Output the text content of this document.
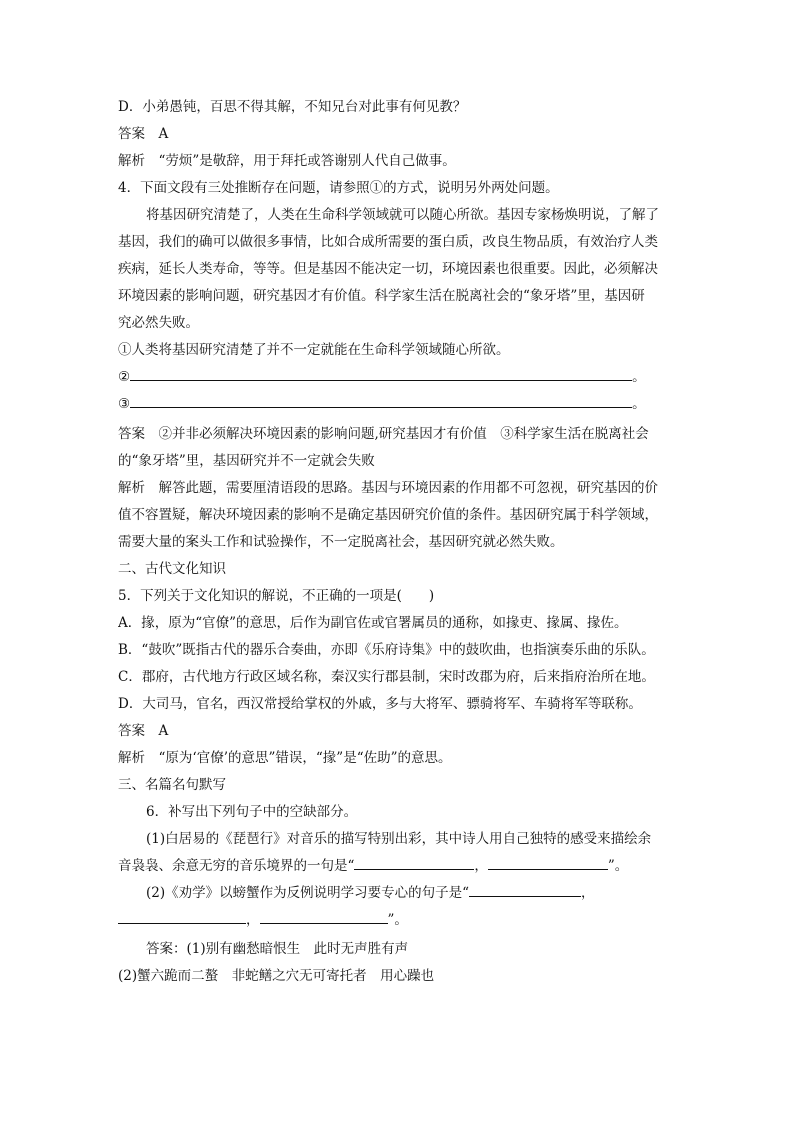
D．小弟愚钝，百思不得其解，不知兄台对此事有何见教？
答案　A
解析　“劳烦”是敬辞，用于拜托或答谢别人代自己做事。
4．下面文段有三处推断存在问题，请参照①的方式，说明另外两处问题。
将基因研究清楚了，人类在生命科学领域就可以随心所欲。基因专家杨焕明说，了解了
基因，我们的确可以做很多事情，比如合成所需要的蛋白质，改良生物品质，有效治疗人类
疾病，延长人类寿命，等等。但是基因不能决定一切，环境因素也很重要。因此，必须解决
环境因素的影响问题，研究基因才有价值。科学家生活在脱离社会的“象牙塔”里，基因研
究必然失败。
①人类将基因研究清楚了并不一定就能在生命科学领域随心所欲。
②	。
③	。
答案　②并非必须解决环境因素的影响问题,研究基因才有价值　③科学家生活在脱离社会
的“象牙塔”里，基因研究并不一定就会失败
解析　解答此题，需要厘清语段的思路。基因与环境因素的作用都不可忽视，研究基因的价
值不容置疑，解决环境因素的影响不是确定基因研究价值的条件。基因研究属于科学领域，
需要大量的案头工作和试验操作，不一定脱离社会，基因研究就必然失败。
二、古代文化知识
5．下列关于文化知识的解说，不正确的一项是(　　)
A．掾，原为“官僚”的意思，后作为副官佐或官署属员的通称，如掾吏、掾属、掾佐。
B．“鼓吹”既指古代的器乐合奏曲，亦即《乐府诗集》中的鼓吹曲，也指演奏乐曲的乐队。
C．郡府，古代地方行政区域名称，秦汉实行郡县制，宋时改郡为府，后来指府治所在地。
D．大司马，官名，西汉常授给掌权的外戚，多与大将军、骠骑将军、车骑将军等联称。
答案　A
解析　“原为‘官僚’的意思”错误，“掾”是“佐助”的意思。
三、名篇名句默写
6．补写出下列句子中的空缺部分。
(1)白居易的《琵琶行》对音乐的描写特别出彩，其中诗人用自己独特的感受来描绘余
音袅袅、余意无穷的音乐境界的一句是“	，	”。
(2)《劝学》以螃蟹作为反例说明学习要专心的句子是“	，
，	”。
答案：(1)别有幽愁暗恨生　此时无声胜有声
(2)蟹六跪而二螯　非蛇鳝之穴无可寄托者　用心躁也
